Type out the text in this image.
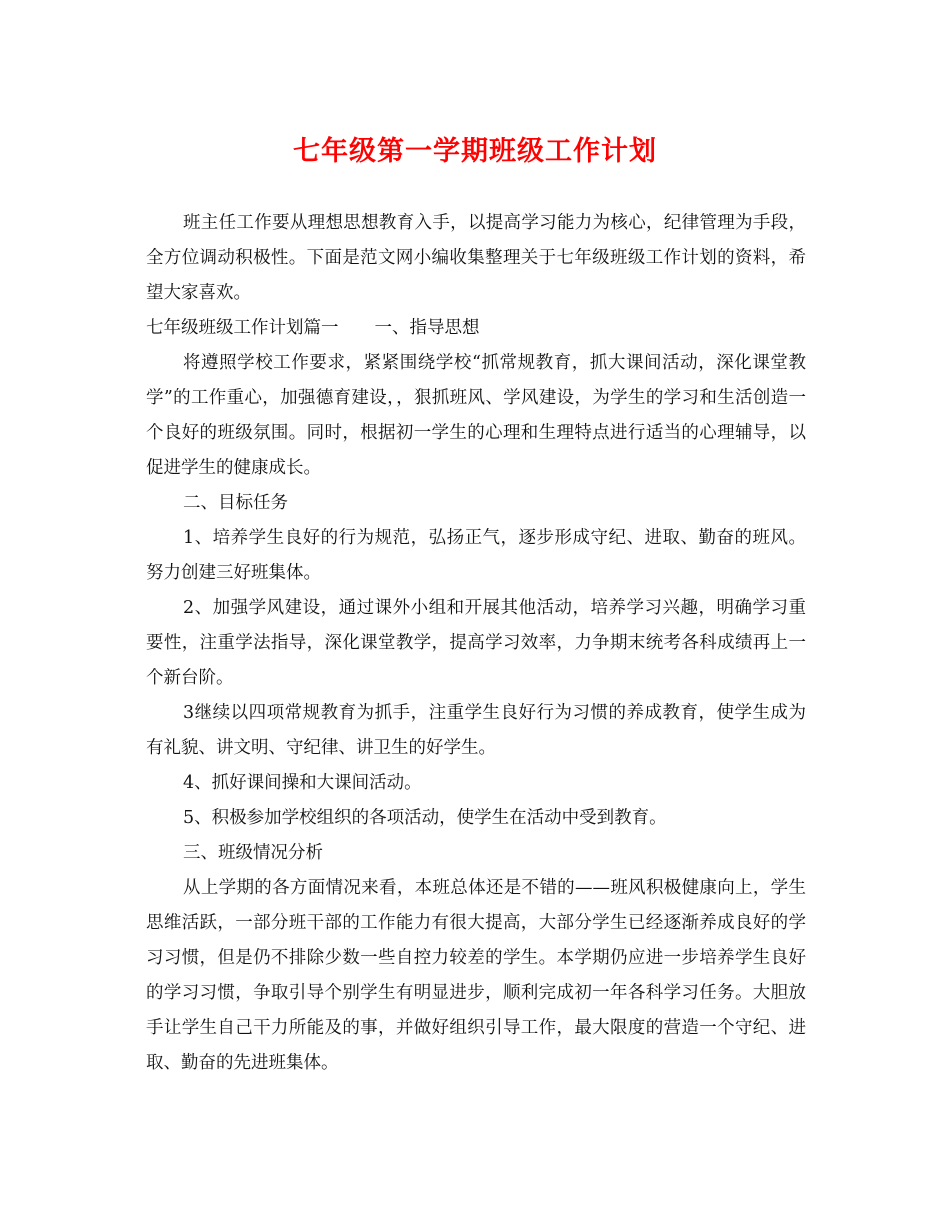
七年级第一学期班级工作计划

班主任工作要从理想思想教育入手，以提高学习能力为核心，纪律管理为手段，全方位调动积极性。下面是范文网小编收集整理关于七年级班级工作计划的资料，希望大家喜欢。

七年级班级工作计划篇一 一、指导思想

将遵照学校工作要求，紧紧围绕学校“抓常规教育，抓大课间活动，深化课堂教学”的工作重心，加强德育建设，，狠抓班风、学风建设，为学生的学习和生活创造一个良好的班级氛围。同时，根据初一学生的心理和生理特点进行适当的心理辅导，以促进学生的健康成长。

二、目标任务

1、培养学生良好的行为规范，弘扬正气，逐步形成守纪、进取、勤奋的班风。努力创建三好班集体。

2、加强学风建设，通过课外小组和开展其他活动，培养学习兴趣，明确学习重要性，注重学法指导，深化课堂教学，提高学习效率，力争期末统考各科成绩再上一个新台阶。

3继续以四项常规教育为抓手，注重学生良好行为习惯的养成教育，使学生成为有礼貌、讲文明、守纪律、讲卫生的好学生。

4、抓好课间操和大课间活动。

5、积极参加学校组织的各项活动，使学生在活动中受到教育。

三、班级情况分析

从上学期的各方面情况来看，本班总体还是不错的——班风积极健康向上，学生思维活跃，一部分班干部的工作能力有很大提高，大部分学生已经逐渐养成良好的学习习惯，但是仍不排除少数一些自控力较差的学生。本学期仍应进一步培养学生良好的学习习惯，争取引导个别学生有明显进步，顺利完成初一年各科学习任务。大胆放手让学生自己干力所能及的事，并做好组织引导工作，最大限度的营造一个守纪、进取、勤奋的先进班集体。
